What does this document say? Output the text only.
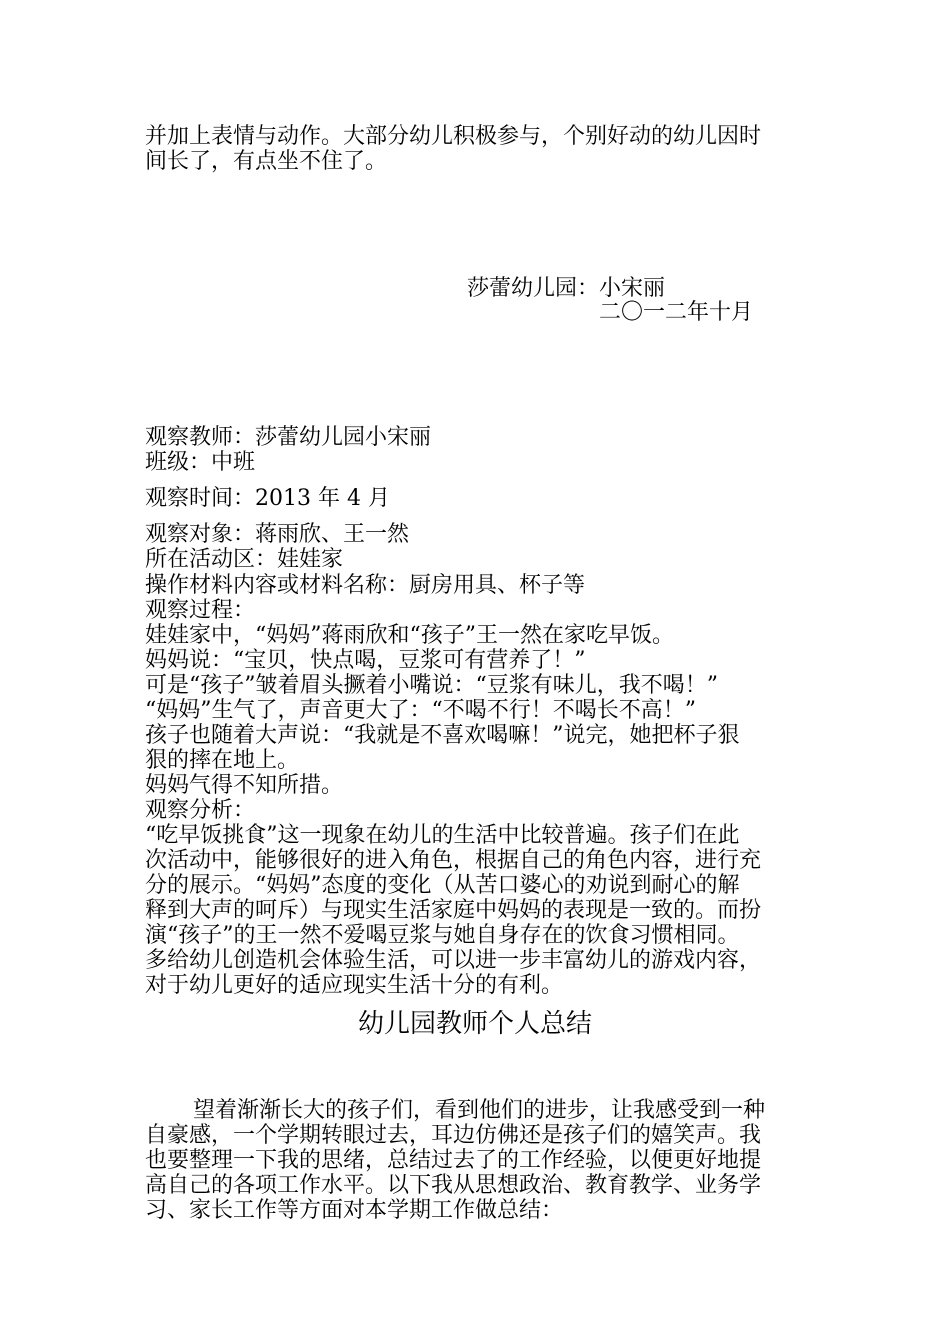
并加上表情与动作。大部分幼儿积极参与，个别好动的幼儿因时
间长了，有点坐不住了。
莎蕾幼儿园：小宋丽
二〇一二年十月
观察教师：莎蕾幼儿园小宋丽
班级：中班
观察时间：2013 年 4 月
观察对象：蒋雨欣、王一然
所在活动区：娃娃家
操作材料内容或材料名称：厨房用具、杯子等
观察过程：
娃娃家中，“妈妈”蒋雨欣和“孩子”王一然在家吃早饭。
妈妈说：“宝贝，快点喝，豆浆可有营养了！”
可是“孩子”皱着眉头撅着小嘴说：“豆浆有味儿，我不喝！”
“妈妈”生气了，声音更大了：“不喝不行！不喝长不高！”
孩子也随着大声说：“我就是不喜欢喝嘛！”说完，她把杯子狠
狠的摔在地上。
妈妈气得不知所措。
观察分析：
“吃早饭挑食”这一现象在幼儿的生活中比较普遍。孩子们在此
次活动中，能够很好的进入角色，根据自己的角色内容，进行充
分的展示。“妈妈”态度的变化（从苦口婆心的劝说到耐心的解
释到大声的呵斥）与现实生活家庭中妈妈的表现是一致的。而扮
演“孩子”的王一然不爱喝豆浆与她自身存在的饮食习惯相同。
多给幼儿创造机会体验生活，可以进一步丰富幼儿的游戏内容，
对于幼儿更好的适应现实生活十分的有利。
幼儿园教师个人总结
望着渐渐长大的孩子们，看到他们的进步，让我感受到一种
自豪感，一个学期转眼过去，耳边仿佛还是孩子们的嬉笑声。我
也要整理一下我的思绪，总结过去了的工作经验，以便更好地提
高自己的各项工作水平。以下我从思想政治、教育教学、业务学
习、家长工作等方面对本学期工作做总结：
